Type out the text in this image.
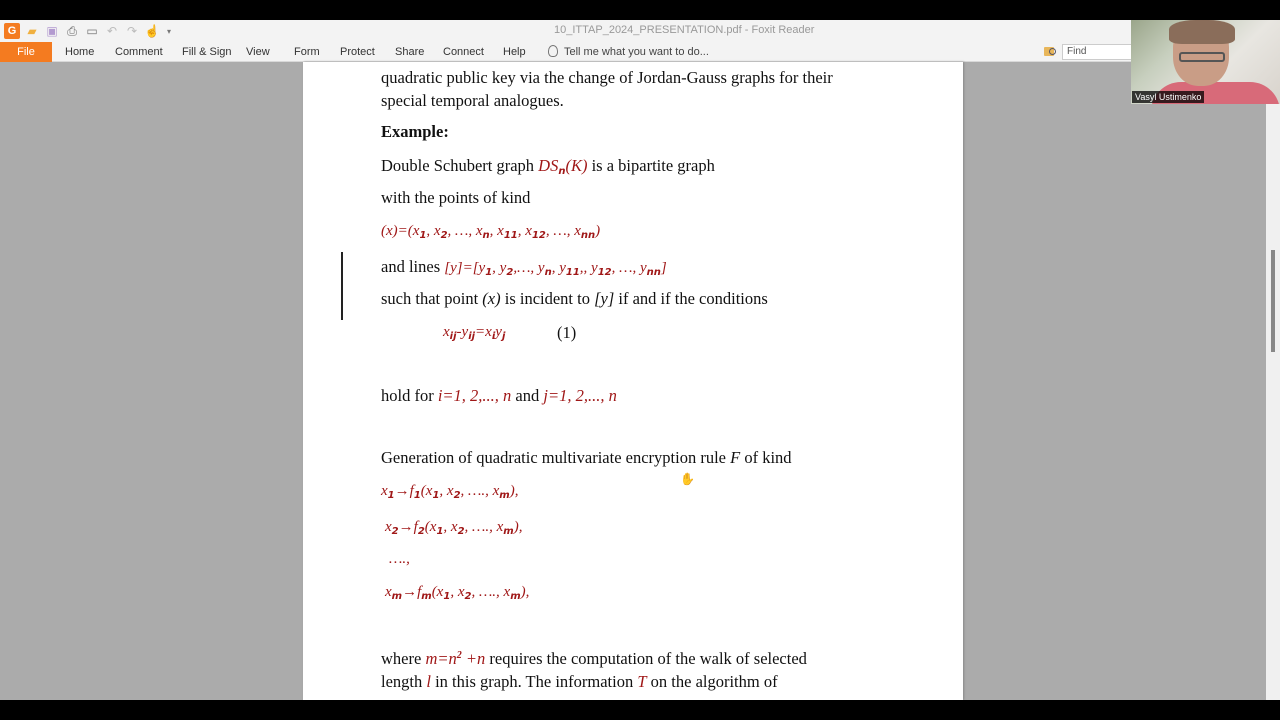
G ▰ ▣ ⎙ ▭ ↶ ↷ ☝ ▾	10_ITTAP_2024_PRESENTATION.pdf - Foxit Reader
File	Home Comment Fill & Sign View Form Protect Share Connect Help	Tell me what you want to do...	Find
quadratic public key via the change of Jordan-Gauss graphs for their
special temporal analogues.
Example:
Double Schubert graph $DS_n(K)$ is a bipartite graph
with the points of kind
$(x)=(x_1$, $x_2$, …, $x_n$, $x_{11}$, $x_{12}$, …, $x_{nn}$)
and lines $[y]=[y_1$, $y_2,\dots$, $y_n$, $y_{11}$,, $y_{12}$, …, $y_{nn}$]
such that point (x) is incident to [y] if and if the conditions
$x_{ij}-y_{ij}=x_iy_j$	(1)
hold for i=1, 2,..., n and j=1, 2,..., n
Generation of quadratic multivariate encryption rule F of kind
$x_1\to f_1(x_1$, $x_2$, …., $x_m$),
$x_2\to f_2(x_1$, $x_2$, …., $x_m$),
….,
$x_m\to f_m(x_1$, $x_2$, …., $x_m$),
where $m=n^2 +n$ requires the computation of the walk of selected
length l in this graph. The information T on the algorithm of
✋
Vasyl Ustimenko
